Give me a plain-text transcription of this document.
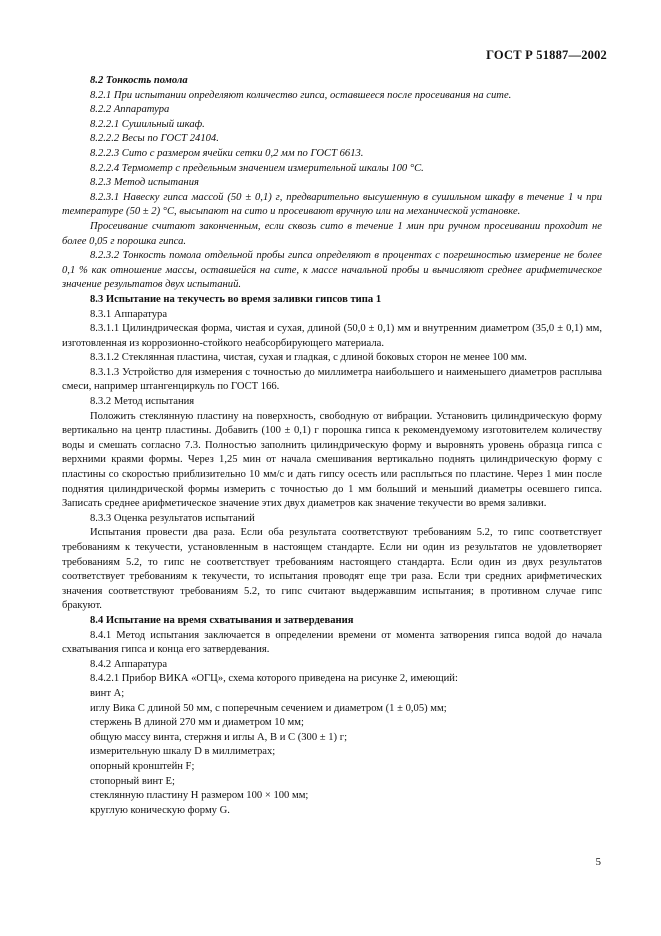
ГОСТ Р 51887—2002

8.2 Тонкость помола

8.2.1 При испытании определяют количество гипса, оставшееся после просеивания на сите.

8.2.2 Аппаратура

8.2.2.1 Сушильный шкаф.

8.2.2.2 Весы по ГОСТ 24104.

8.2.2.3 Сито с размером ячейки сетки 0,2 мм по ГОСТ 6613.

8.2.2.4 Термометр с предельным значением измерительной шкалы 100 °С.

8.2.3 Метод испытания

8.2.3.1 Навеску гипса массой (50 ± 0,1) г, предварительно высушенную в сушильном шкафу в течение 1 ч при температуре (50 ± 2) °С, высыпают на сито и просеивают вручную или на механической установке.

Просеивание считают законченным, если сквозь сито в течение 1 мин при ручном просеивании проходит не более 0,05 г порошка гипса.

8.2.3.2 Тонкость помола отдельной пробы гипса определяют в процентах с погрешностью измерение не более 0,1 % как отношение массы, оставшейся на сите, к массе начальной пробы и вычисляют среднее арифметическое значение результатов двух испытаний.

8.3 Испытание на текучесть во время заливки гипсов типа 1

8.3.1 Аппаратура

8.3.1.1 Цилиндрическая форма, чистая и сухая, длиной (50,0 ± 0,1) мм и внутренним диаметром (35,0 ± 0,1) мм, изготовленная из коррозионно-стойкого неабсорбирующего материала.

8.3.1.2 Стеклянная пластина, чистая, сухая и гладкая, с длиной боковых сторон не менее 100 мм.

8.3.1.3 Устройство для измерения с точностью до миллиметра наибольшего и наименьшего диаметров расплыва смеси, например штангенциркуль по ГОСТ 166.

8.3.2 Метод испытания

Положить стеклянную пластину на поверхность, свободную от вибрации. Установить цилиндрическую форму вертикально на центр пластины. Добавить (100 ± 0,1) г порошка гипса к рекомендуемому изготовителем количеству воды и смешать согласно 7.3. Полностью заполнить цилиндрическую форму и выровнять уровень образца гипса с верхними краями формы. Через 1,25 мин от начала смешивания вертикально поднять цилиндрическую форму с пластины со скоростью приблизительно 10 мм/с и дать гипсу осесть или расплыться по пластине. Через 1 мин после поднятия цилиндрической формы измерить с точностью до 1 мм больший и меньший диаметры осевшего гипса. Записать среднее арифметическое значение этих двух диаметров как значение текучести во время заливки.

8.3.3 Оценка результатов испытаний

Испытания провести два раза. Если оба результата соответствуют требованиям 5.2, то гипс соответствует требованиям к текучести, установленным в настоящем стандарте. Если ни один из результатов не удовлетворяет требованиям 5.2, то гипс не соответствует требованиям настоящего стандарта. Если один из двух результатов соответствует требованиям к текучести, то испытания проводят еще три раза. Если три средних арифметических значения соответствуют требованиям 5.2, то гипс считают выдержавшим испытания; в противном случае гипс бракуют.

8.4 Испытание на время схватывания и затвердевания

8.4.1 Метод испытания заключается в определении времени от момента затворения гипса водой до начала схватывания гипса и конца его затвердевания.

8.4.2 Аппаратура

8.4.2.1 Прибор ВИКА «ОГЦ», схема которого приведена на рисунке 2, имеющий:

винт А;

иглу Вика С длиной 50 мм, с поперечным сечением и диаметром (1 ± 0,05) мм;

стержень В длиной 270 мм и диаметром 10 мм;

общую массу винта, стержня и иглы А, В и С (300 ± 1) г;

измерительную шкалу D в миллиметрах;

опорный кронштейн F;

стопорный винт Е;

стеклянную пластину Н размером 100 × 100 мм;

круглую коническую форму G.

5
